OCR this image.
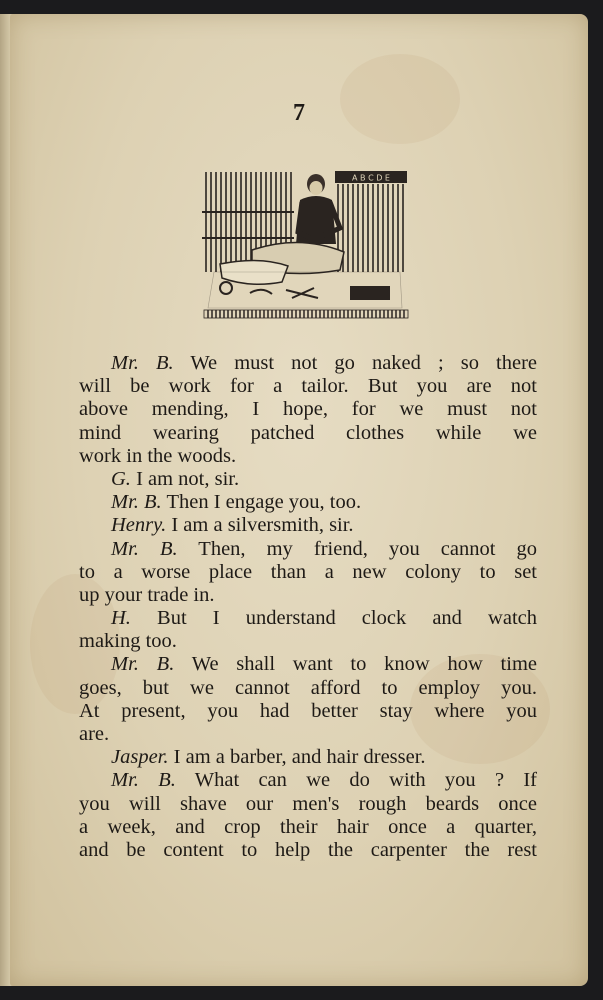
7
A B C D E
Mr. B. We must not go naked ; so there
will be work for a tailor. But you are not
above mending, I hope, for we must not
mind wearing patched clothes while we
work in the woods.
G. I am not, sir.
Mr. B. Then I engage you, too.
Henry. I am a silversmith, sir.
Mr. B. Then, my friend, you cannot go
to a worse place than a new colony to set
up your trade in.
H. But I understand clock and watch
making too.
Mr. B. We shall want to know how time
goes, but we cannot afford to employ you.
At present, you had better stay where you
are.
Jasper. I am a barber, and hair dresser.
Mr. B. What can we do with you ? If
you will shave our men's rough beards once
a week, and crop their hair once a quarter,
and be content to help the carpenter the rest
